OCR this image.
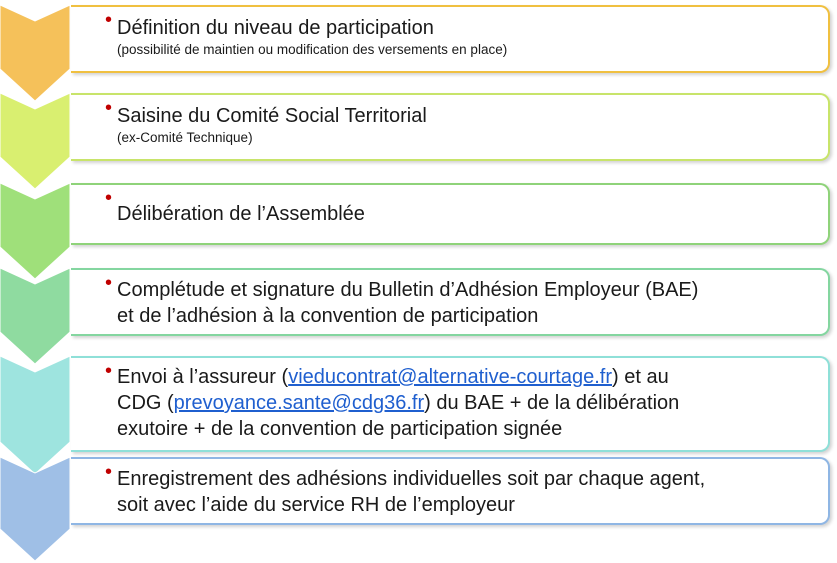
• Définition du niveau de participation
(possibilité de maintien ou modification des versements en place)
• Saisine du Comité Social Territorial
(ex-Comité Technique)
•
Délibération de l’Assemblée
• Complétude et signature du Bulletin d’Adhésion Employeur (BAE)
et de l’adhésion à la convention de participation
• Envoi à l’assureur (vieducontrat@alternative-courtage.fr) et au
CDG (prevoyance.sante@cdg36.fr) du BAE + de la délibération
exutoire + de la convention de participation signée
• Enregistrement des adhésions individuelles soit par chaque agent,
soit avec l’aide du service RH de l’employeur
